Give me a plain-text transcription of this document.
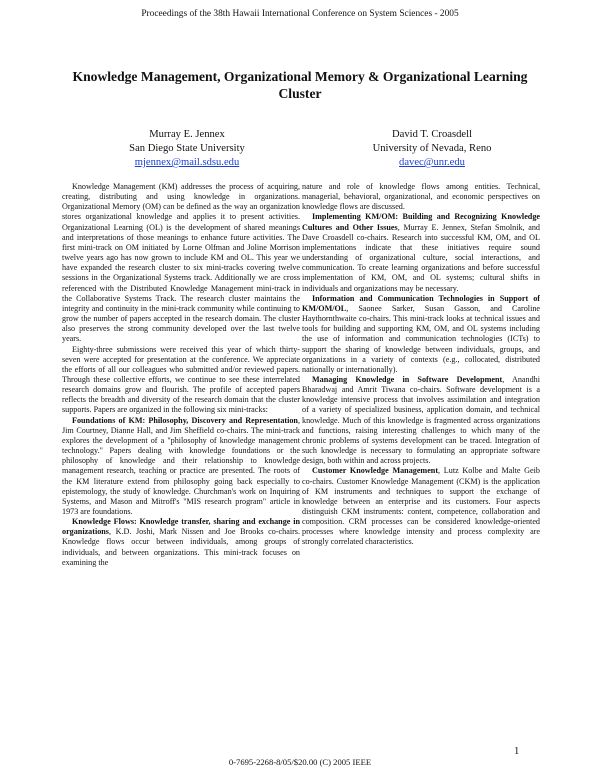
Proceedings of the 38th Hawaii International Conference on System Sciences - 2005
Knowledge Management, Organizational Memory & Organizational Learning Cluster
Murray E. Jennex
San Diego State University
mjennex@mail.sdsu.edu
David T. Croasdell
University of Nevada, Reno
davec@unr.edu

Knowledge Management (KM) addresses the process of acquiring, creating, distributing and using knowledge in organizations. Organizational Memory (OM) can be defined as the way an organization stores organizational knowledge and applies it to present activities. Organizational Learning (OL) is the development of shared meanings and interpretations of those meanings to enhance future activities. The first mini-track on OM initiated by Lorne Olfman and Joline Morrison twelve years ago has now grown to include KM and OL. This year we have expanded the research cluster to six mini-tracks covering twelve sessions in the Organizational Systems track. Additionally we are cross referenced with the Distributed Knowledge Management mini-track in the Collaborative Systems Track. The research cluster maintains the integrity and continuity in the mini-track community while continuing to grow the number of papers accepted in the research domain. The cluster also preserves the strong community developed over the last twelve years.

Eighty-three submissions were received this year of which thirty-seven were accepted for presentation at the conference. We appreciate the efforts of all our colleagues who submitted and/or reviewed papers. Through these collective efforts, we continue to see these interrelated research domains grow and flourish. The profile of accepted papers reflects the breadth and diversity of the research domain that the cluster supports. Papers are organized in the following six mini-tracks:

Foundations of KM: Philosophy, Discovery and Representation, Jim Courtney, Dianne Hall, and Jim Sheffield co-chairs. The mini-track explores the development of a "philosophy of knowledge management technology." Papers dealing with knowledge foundations or the philosophy of knowledge and their relationship to knowledge management research, teaching or practice are presented. The roots of the KM literature extend from philosophy going back especially to epistemology, the study of knowledge. Churchman's work on Inquiring Systems, and Mason and Mitroff's "MIS research program" article in 1973 are foundations.

Knowledge Flows: Knowledge transfer, sharing and exchange in organizations, K.D. Joshi, Mark Nissen and Joe Brooks co-chairs. Knowledge flows occur between individuals, among groups of individuals, and between organizations. This mini-track focuses on examining the

nature and role of knowledge flows among entities. Technical, managerial, behavioral, organizational, and economic perspectives on knowledge flows are discussed.

Implementing KM/OM: Building and Recognizing Knowledge Cultures and Other Issues, Murray E. Jennex, Stefan Smolnik, and Dave Croasdell co-chairs. Research into successful KM, OM, and OL implementations indicate that these initiatives require sound understanding of organizational culture, social interactions, and communication. To create learning organizations and before successful implementation of KM, OM, and OL systems; cultural shifts in individuals and organizations may be necessary.

Information and Communication Technologies in Support of KM/OM/OL, Saonee Sarker, Susan Gasson, and Caroline Haythornthwaite co-chairs. This mini-track looks at technical issues and tools for building and supporting KM, OM, and OL systems including the use of information and communication technologies (ICTs) to support the sharing of knowledge between individuals, groups, and organizations in a variety of contexts (e.g., collocated, distributed nationally or internationally).

Managing Knowledge in Software Development, Anandhi Bharadwaj and Amrit Tiwana co-chairs. Software development is a knowledge intensive process that involves assimilation and integration of a variety of specialized business, application domain, and technical knowledge. Much of this knowledge is fragmented across organizations and functions, raising interesting challenges to which many of the chronic problems of systems development can be traced. Integration of such knowledge is necessary to formulating an appropriate software design, both within and across projects.

Customer Knowledge Management, Lutz Kolbe and Malte Geib co-chairs. Customer Knowledge Management (CKM) is the application of KM instruments and techniques to support the exchange of knowledge between an enterprise and its customers. Four aspects distinguish CKM instruments: content, competence, collaboration and composition. CRM processes can be considered knowledge-oriented processes where knowledge intensity and process complexity are strongly correlated characteristics.

1
0-7695-2268-8/05/$20.00 (C) 2005 IEEE
